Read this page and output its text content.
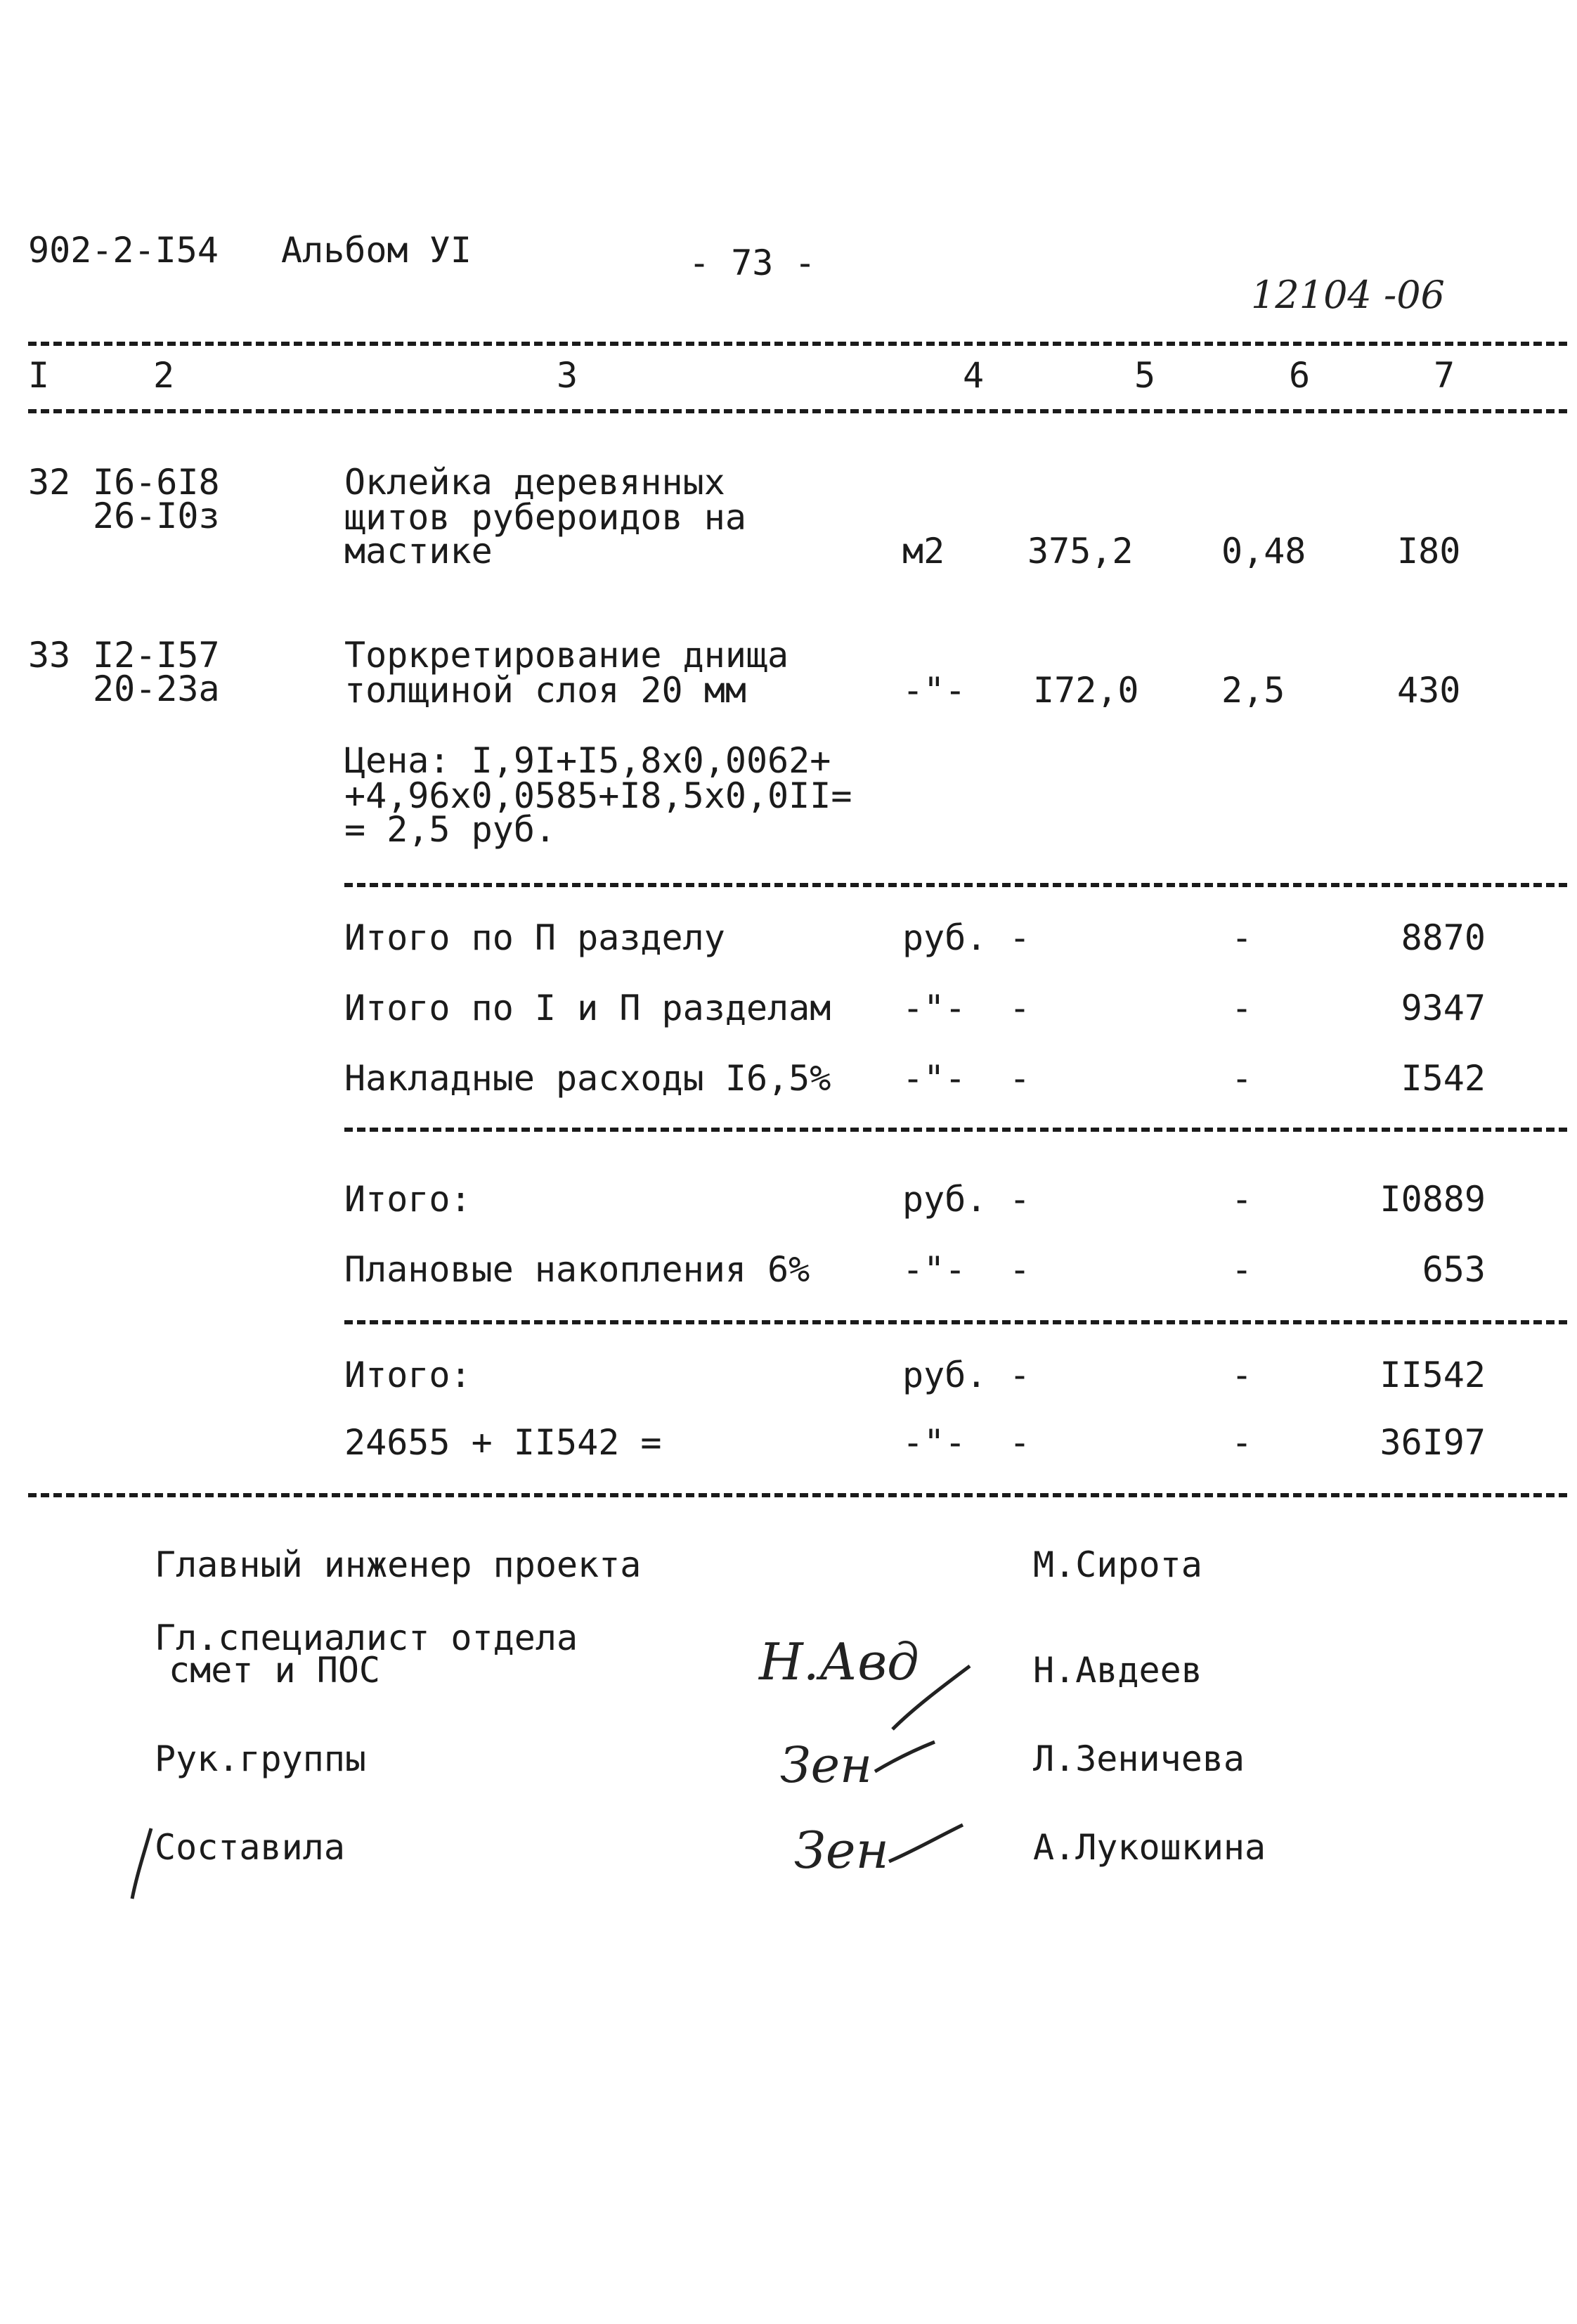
902-2-I54 Альбом УI	- 73 -
12104 -06
I	2	3	4	5	6	7
32 I6-6I8
26-I0з
Оклейка деревянных
щитов рубероидов на
мастике	м2 375,2	0,48	I80
33 I2-I57
20-23а
Торкретирование днища
толщиной слоя 20 мм	-"- I72,0 2,5	430
Цена: I,9I+I5,8x0,0062+
+4,96x0,0585+I8,5x0,0II=
= 2,5 руб.
Итого по П разделу	руб. -	-	8870
Итого по I и П разделам -"- -	-	9347
Накладные расходы I6,5% -"- -	-	I542
Итого:	руб. -	-	I0889
Плановые накопления 6%	-"- -	-	653
Итого:	руб. -	-	II542
24655 + II542 =	-"- -	-	36I97
Главный инженер проекта	М.Сирота
Гл.специалист отдела
смет и ПОС	Н.Авд	Н.Авдеев
Рук.группы	Зен	Л.Зеничева
Составила	Зен	А.Лукошкина
